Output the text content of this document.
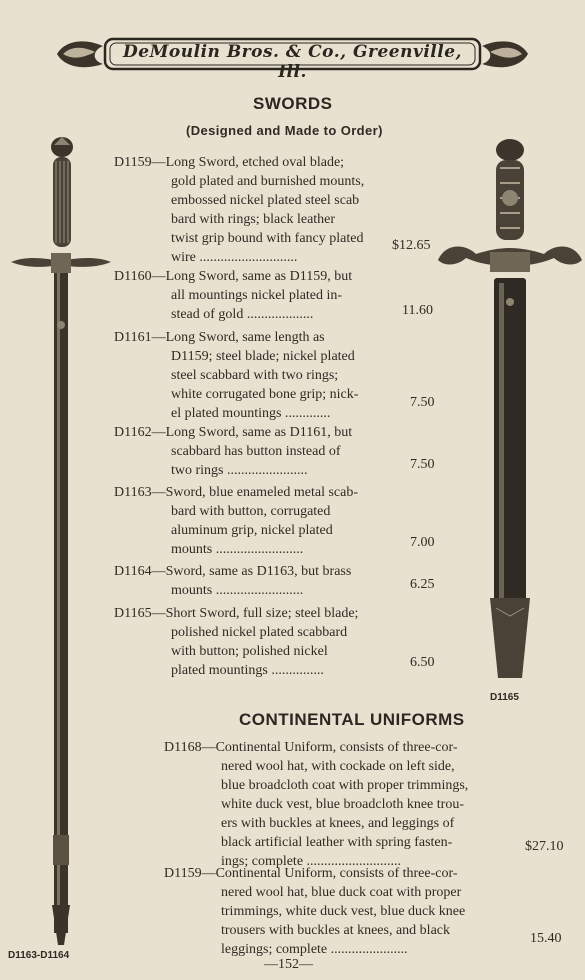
DeMoulin Bros. & Co., Greenville, Ill.
SWORDS
(Designed and Made to Order)
D1159—Long Sword, etched oval blade;
gold plated and burnished mounts,
embossed nickel plated steel scab
bard with rings; black leather
twist grip bound with fancy plated
wire ............................
$12.65
D1160—Long Sword, same as D1159, but
all mountings nickel plated in-
stead of gold ...................	11.60
D1161—Long Sword, same length as
D1159; steel blade; nickel plated
steel scabbard with two rings;
white corrugated bone grip; nick-
el plated mountings .............
7.50
D1162—Long Sword, same as D1161, but
scabbard has button instead of
two rings .......................	7.50
D1163—Sword, blue enameled metal scab-
bard with button, corrugated
aluminum grip, nickel plated
mounts .........................	7.00
D1164—Sword, same as D1163, but brass
mounts .........................	6.25
D1165—Short Sword, full size; steel blade;
polished nickel plated scabbard
with button; polished nickel
plated mountings ...............
6.50
CONTINENTAL UNIFORMS
D1168—Continental Uniform, consists of three-cor-
nered wool hat, with cockade on left side,
blue broadcloth coat with proper trimmings,
white duck vest, blue broadcloth knee trou-
ers with buckles at knees, and leggings of
black artificial leather with spring fasten-
ings; complete ...........................
$27.10
D1159—Continental Uniform, consists of three-cor-
nered wool hat, blue duck coat with proper
trimmings, white duck vest, blue duck knee
trousers with buckles at knees, and black
leggings; complete ......................
15.40
D1165
D1163-D1164
—152—
